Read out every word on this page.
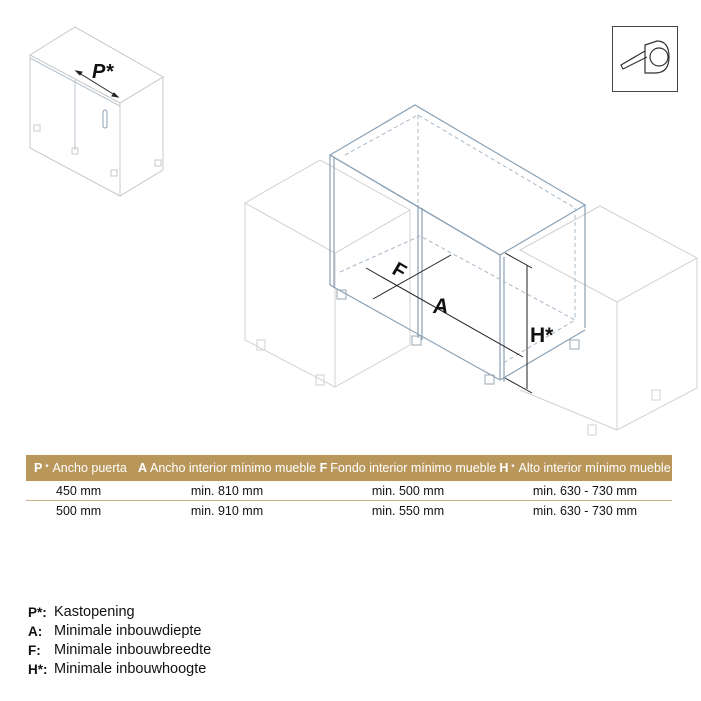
P*
F
A
H*
P * Ancho puerta A Ancho interior mínimo mueble F Fondo interior mínimo mueble H * Alto interior mínimo mueble
450 mm	min. 810 mm	min. 500 mm	min. 630 - 730 mm
500 mm	min. 910 mm	min. 550 mm	min. 630 - 730 mm
P*: Kastopening
A: Minimale inbouwdiepte
F: Minimale inbouwbreedte
H*: Minimale inbouwhoogte
